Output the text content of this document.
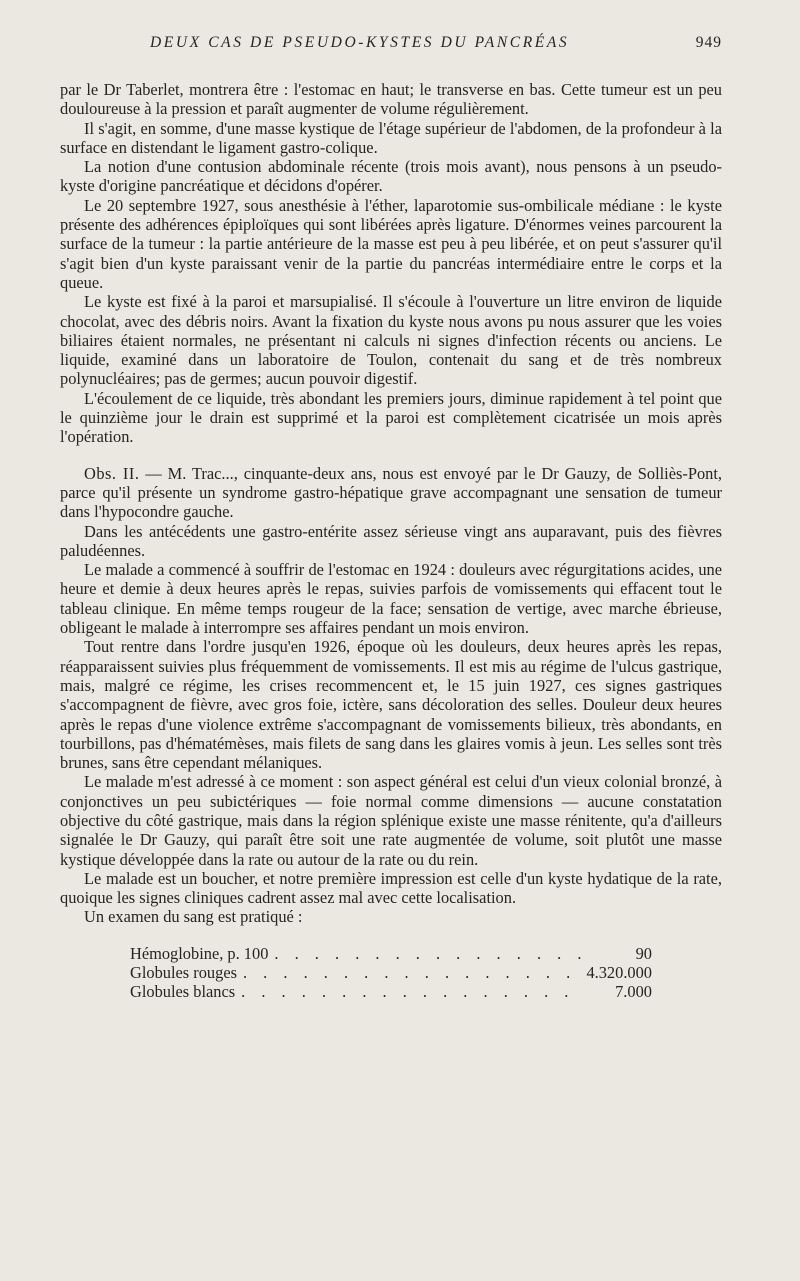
DEUX CAS DE PSEUDO-KYSTES DU PANCRÉAS	949

par le Dr Taberlet, montrera être : l'estomac en haut; le transverse en bas. Cette tumeur est un peu douloureuse à la pression et paraît augmenter de volume régulièrement.

Il s'agit, en somme, d'une masse kystique de l'étage supérieur de l'abdomen, de la profondeur à la surface en distendant le ligament gastro-colique.

La notion d'une contusion abdominale récente (trois mois avant), nous pensons à un pseudo-kyste d'origine pancréatique et décidons d'opérer.

Le 20 septembre 1927, sous anesthésie à l'éther, laparotomie sus-ombilicale médiane : le kyste présente des adhérences épiploïques qui sont libérées après ligature. D'énormes veines parcourent la surface de la tumeur : la partie antérieure de la masse est peu à peu libérée, et on peut s'assurer qu'il s'agit bien d'un kyste paraissant venir de la partie du pancréas intermédiaire entre le corps et la queue.

Le kyste est fixé à la paroi et marsupialisé. Il s'écoule à l'ouverture un litre environ de liquide chocolat, avec des débris noirs. Avant la fixation du kyste nous avons pu nous assurer que les voies biliaires étaient normales, ne présentant ni calculs ni signes d'infection récents ou anciens. Le liquide, examiné dans un laboratoire de Toulon, contenait du sang et de très nombreux polynucléaires; pas de germes; aucun pouvoir digestif.

L'écoulement de ce liquide, très abondant les premiers jours, diminue rapidement à tel point que le quinzième jour le drain est supprimé et la paroi est complètement cicatrisée un mois après l'opération.

Obs. II. — M. Trac..., cinquante-deux ans, nous est envoyé par le Dr Gauzy, de Solliès-Pont, parce qu'il présente un syndrome gastro-hépatique grave accompagnant une sensation de tumeur dans l'hypocondre gauche.

Dans les antécédents une gastro-entérite assez sérieuse vingt ans auparavant, puis des fièvres paludéennes.

Le malade a commencé à souffrir de l'estomac en 1924 : douleurs avec régurgitations acides, une heure et demie à deux heures après le repas, suivies parfois de vomissements qui effacent tout le tableau clinique. En même temps rougeur de la face; sensation de vertige, avec marche ébrieuse, obligeant le malade à interrompre ses affaires pendant un mois environ.

Tout rentre dans l'ordre jusqu'en 1926, époque où les douleurs, deux heures après les repas, réapparaissent suivies plus fréquemment de vomissements. Il est mis au régime de l'ulcus gastrique, mais, malgré ce régime, les crises recommencent et, le 15 juin 1927, ces signes gastriques s'accompagnent de fièvre, avec gros foie, ictère, sans décoloration des selles. Douleur deux heures après le repas d'une violence extrême s'accompagnant de vomissements bilieux, très abondants, en tourbillons, pas d'hématémèses, mais filets de sang dans les glaires vomis à jeun. Les selles sont très brunes, sans être cependant mélaniques.

Le malade m'est adressé à ce moment : son aspect général est celui d'un vieux colonial bronzé, à conjonctives un peu subictériques — foie normal comme dimensions — aucune constatation objective du côté gastrique, mais dans la région splénique existe une masse rénitente, qu'a d'ailleurs signalée le Dr Gauzy, qui paraît être soit une rate augmentée de volume, soit plutôt une masse kystique développée dans la rate ou autour de la rate ou du rein.

Le malade est un boucher, et notre première impression est celle d'un kyste hydatique de la rate, quoique les signes cliniques cadrent assez mal avec cette localisation.

Un examen du sang est pratiqué :

Hémoglobine, p. 100 . . .	90
Globules rouges . . .	4.320.000
Globules blancs . . .	7.000
